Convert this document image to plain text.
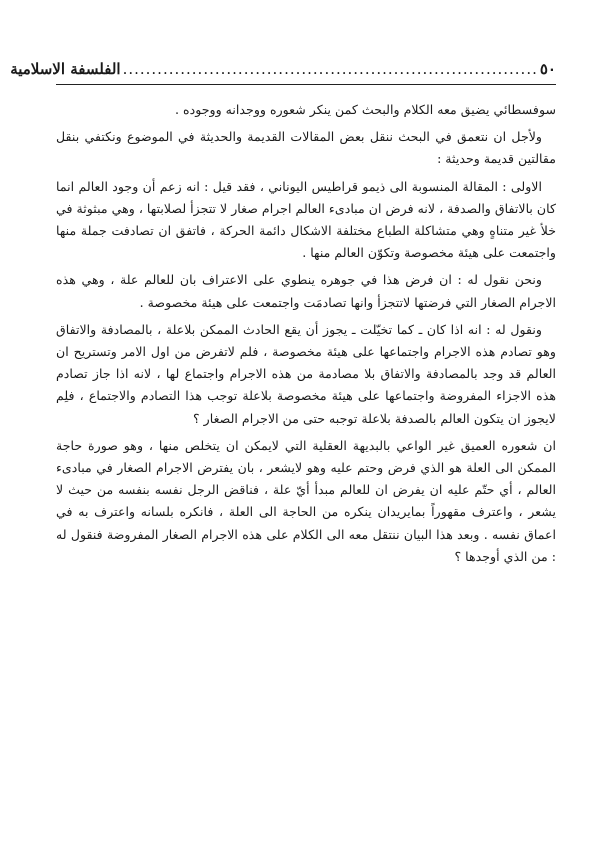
٥٠
........................................................................
الفلسفة الاسلامية

سوفسطائي يضيق معه الكلام والبحث كمن ينكر شعوره ووجدانه ووجوده .

ولأجل ان نتعمق في البحث ننقل بعض المقالات القديمة والحديثة في الموضوع ونكتفي بنقل مقالتين قديمة وحديثة :

الاولى : المقالة المنسوبة الى ذيمو قراطيس اليوناني ، فقد قيل : انه زعم أن وجود العالم انما كان بالاتفاق والصدفة ، لانه فرض ان مبادىء العالم اجرام صغار لا تتجزأ لصلابتها ، وهي مبثوثة في خلأ غير متناهٍ وهي متشاكلة الطباع مختلفة الاشكال دائمة الحركة ، فاتفق ان تصادفت جملة منها واجتمعت على هيئة مخصوصة وتكوّن العالم منها .

ونحن نقول له : ان فرض هذا في جوهره ينطوي على الاعتراف بان للعالم علة ، وهي هذه الاجرام الصغار التي فرضتها لاتتجزأ وانها تصادمَت واجتمعت على هيئة مخصوصة .

ونقول له : انه اذا كان ـ كما تخيّلت ـ يجوز أن يقع الحادث الممكن بلاعلة ، بالمصادفة والاتفاق وهو تصادم هذه الاجرام واجتماعها على هيئة مخصوصة ، فلم لاتفرض من اول الامر وتستريح ان العالم قد وجد بالمصادفة والاتفاق بلا مصادمة من هذه الاجرام واجتماع لها ، لانه اذا جاز تصادم هذه الاجزاء المفروضة واجتماعها على هيئة مخصوصة بلاعلة توجب هذا التصادم والاجتماع ، فلِم لايجوز ان يتكون العالم بالصدفة بلاعلة توجبه حتى من الاجرام الصغار ؟

ان شعوره العميق غير الواعي بالبديهة العقلية التي لايمكن ان يتخلص منها ، وهو صورة حاجة الممكن الى العلة هو الذي فرض وحتم عليه وهو لايشعر ، بان يفترض الاجرام الصغار في مبادىء العالم ، أي حتّم عليه ان يفرض ان للعالم مبدأ أيّ علة ، فناقض الرجل نفسه بنفسه من حيث لا يشعر ، واعترف مقهوراً بمايريدان ينكره من الحاجة الى العلة ، فانكره بلسانه واعترف به في اعماق نفسه . وبعد هذا البيان ننتقل معه الى الكلام على هذه الاجرام الصغار المفروضة فنقول له : من الذي أوجدها ؟
